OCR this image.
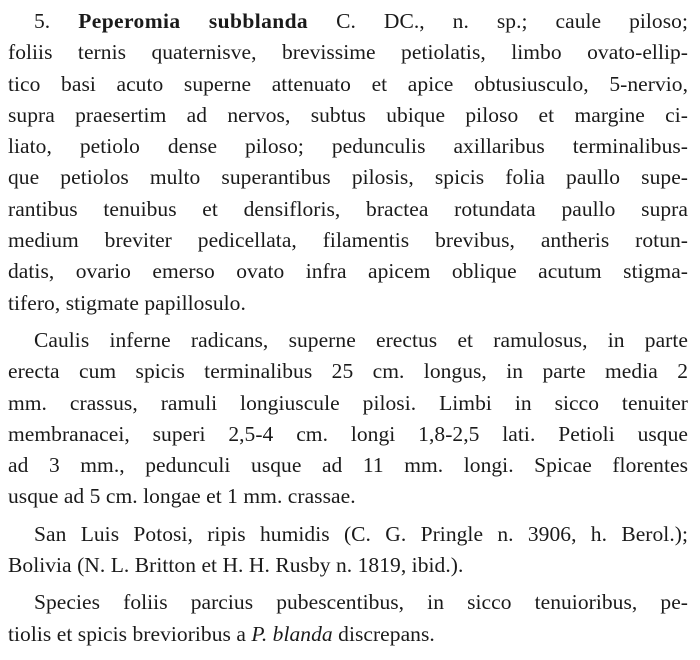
5. Peperomia subblanda C. DC., n. sp.; caule piloso;
foliis ternis quaternisve, brevissime petiolatis, limbo ovato-ellip-
tico basi acuto superne attenuato et apice obtusiusculo, 5-nervio,
supra praesertim ad nervos, subtus ubique piloso et margine ci-
liato, petiolo dense piloso; pedunculis axillaribus terminalibus-
que petiolos multo superantibus pilosis, spicis folia paullo supe-
rantibus tenuibus et densifloris, bractea rotundata paullo supra
medium breviter pedicellata, filamentis brevibus, antheris rotun-
datis, ovario emerso ovato infra apicem oblique acutum stigma-
tifero, stigmate papillosulo.
Caulis inferne radicans, superne erectus et ramulosus, in parte
erecta cum spicis terminalibus 25 cm. longus, in parte media 2
mm. crassus, ramuli longiuscule pilosi. Limbi in sicco tenuiter
membranacei, superi 2,5-4 cm. longi 1,8-2,5 lati. Petioli usque
ad 3 mm., pedunculi usque ad 11 mm. longi. Spicae florentes
usque ad 5 cm. longae et 1 mm. crassae.
San Luis Potosi, ripis humidis (C. G. Pringle n. 3906, h. Berol.);
Bolivia (N. L. Britton et H. H. Rusby n. 1819, ibid.).
Species foliis parcius pubescentibus, in sicco tenuioribus, pe-
tiolis et spicis brevioribus a P. blanda discrepans.
